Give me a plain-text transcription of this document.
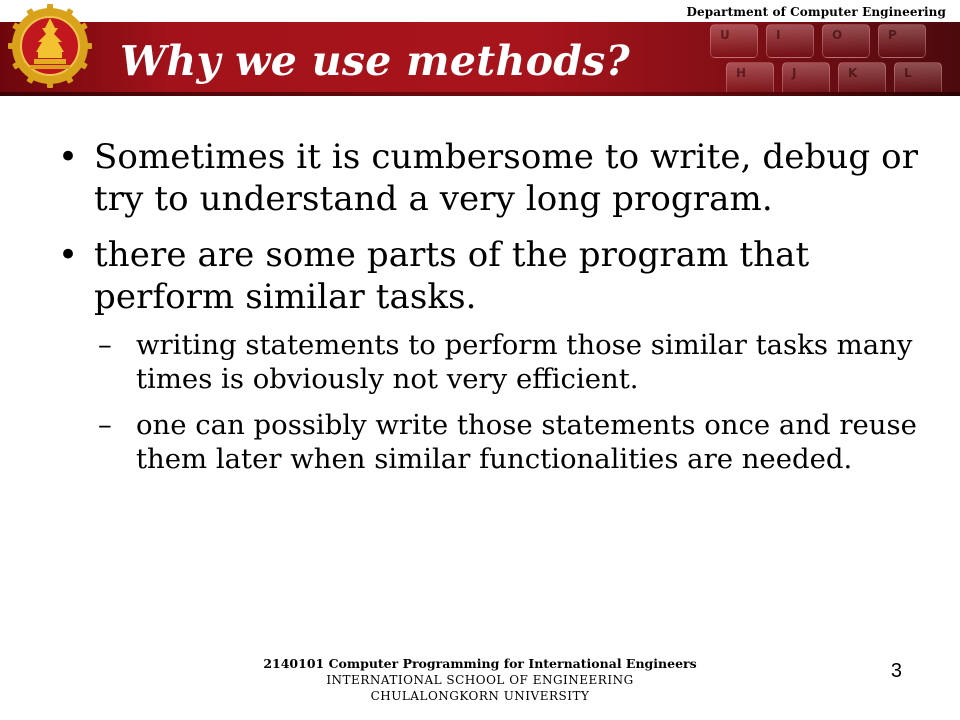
Department of Computer Engineering
U	I	O	P
H	J	K	L
Why we use methods?
• Sometimes it is cumbersome to write, debug or try to understand a very long program.
• there are some parts of the program that perform similar tasks.
– writing statements to perform those similar tasks many times is obviously not very efficient.
– one can possibly write those statements once and reuse them later when similar functionalities are needed.
2140101 Computer Programming for International Engineers
INTERNATIONAL SCHOOL OF ENGINEERING
CHULALONGKORN UNIVERSITY
3
